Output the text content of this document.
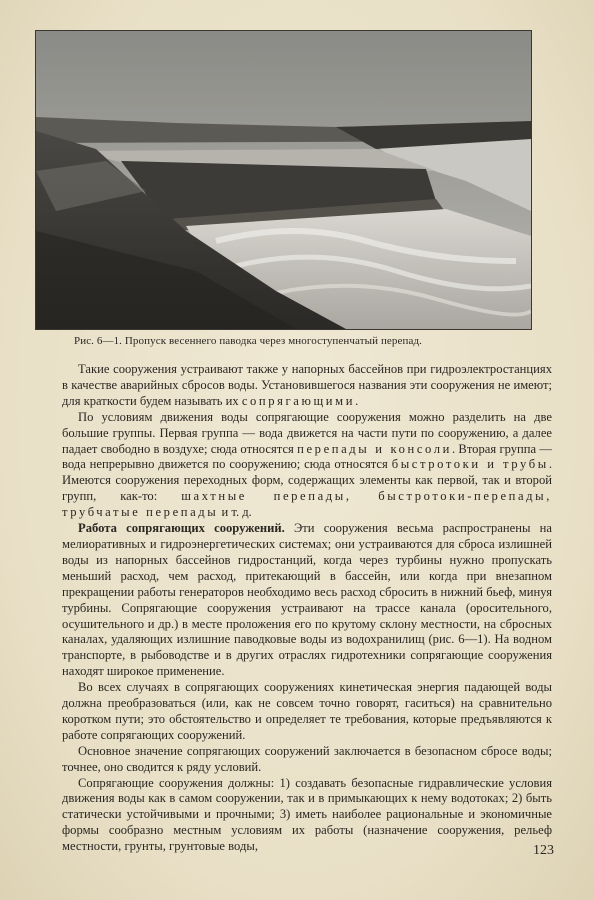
Рис. 6—1. Пропуск весеннего паводка через многоступенчатый перепад.

Такие сооружения устраивают также у напорных бассейнов при гидроэлектростанциях в качестве аварийных сбросов воды. Установившегося названия эти сооружения не имеют; для краткости будем называть их сопрягающими.

По условиям движения воды сопрягающие сооружения можно разделить на две большие группы. Первая группа — вода движется на части пути по сооружению, а далее падает свободно в воздухе; сюда относятся перепады и консоли. Вторая группа — вода непрерывно движется по сооружению; сюда относятся быстротоки и трубы. Имеются сооружения переходных форм, содержащих элементы как первой, так и второй групп, как-то: шахтные перепады, быстротоки-перепады, трубчатые перепады и т. д.

Работа сопрягающих сооружений. Эти сооружения весьма распространены на мелиоративных и гидроэнергетических системах; они устраиваются для сброса излишней воды из напорных бассейнов гидростанций, когда через турбины нужно пропускать меньший расход, чем расход, притекающий в бассейн, или когда при внезапном прекращении работы генераторов необходимо весь расход сбросить в нижний бьеф, минуя турбины. Сопрягающие сооружения устраивают на трассе канала (оросительного, осушительного и др.) в месте проложения его по крутому склону местности, на сбросных каналах, удаляющих излишние паводковые воды из водохранилищ (рис. 6—1). На водном транспорте, в рыбоводстве и в других отраслях гидротехники сопрягающие сооружения находят широкое применение.

Во всех случаях в сопрягающих сооружениях кинетическая энергия падающей воды должна преобразоваться (или, как не совсем точно говорят, гаситься) на сравнительно коротком пути; это обстоятельство и определяет те требования, которые предъявляются к работе сопрягающих сооружений.

Основное значение сопрягающих сооружений заключается в безопасном сбросе воды; точнее, оно сводится к ряду условий.

Сопрягающие сооружения должны: 1) создавать безопасные гидравлические условия движения воды как в самом сооружении, так и в примыкающих к нему водотоках; 2) быть статически устойчивыми и прочными; 3) иметь наиболее рациональные и экономичные формы сообразно местным условиям их работы (назначение сооружения, рельеф местности, грунты, грунтовые воды,	123
